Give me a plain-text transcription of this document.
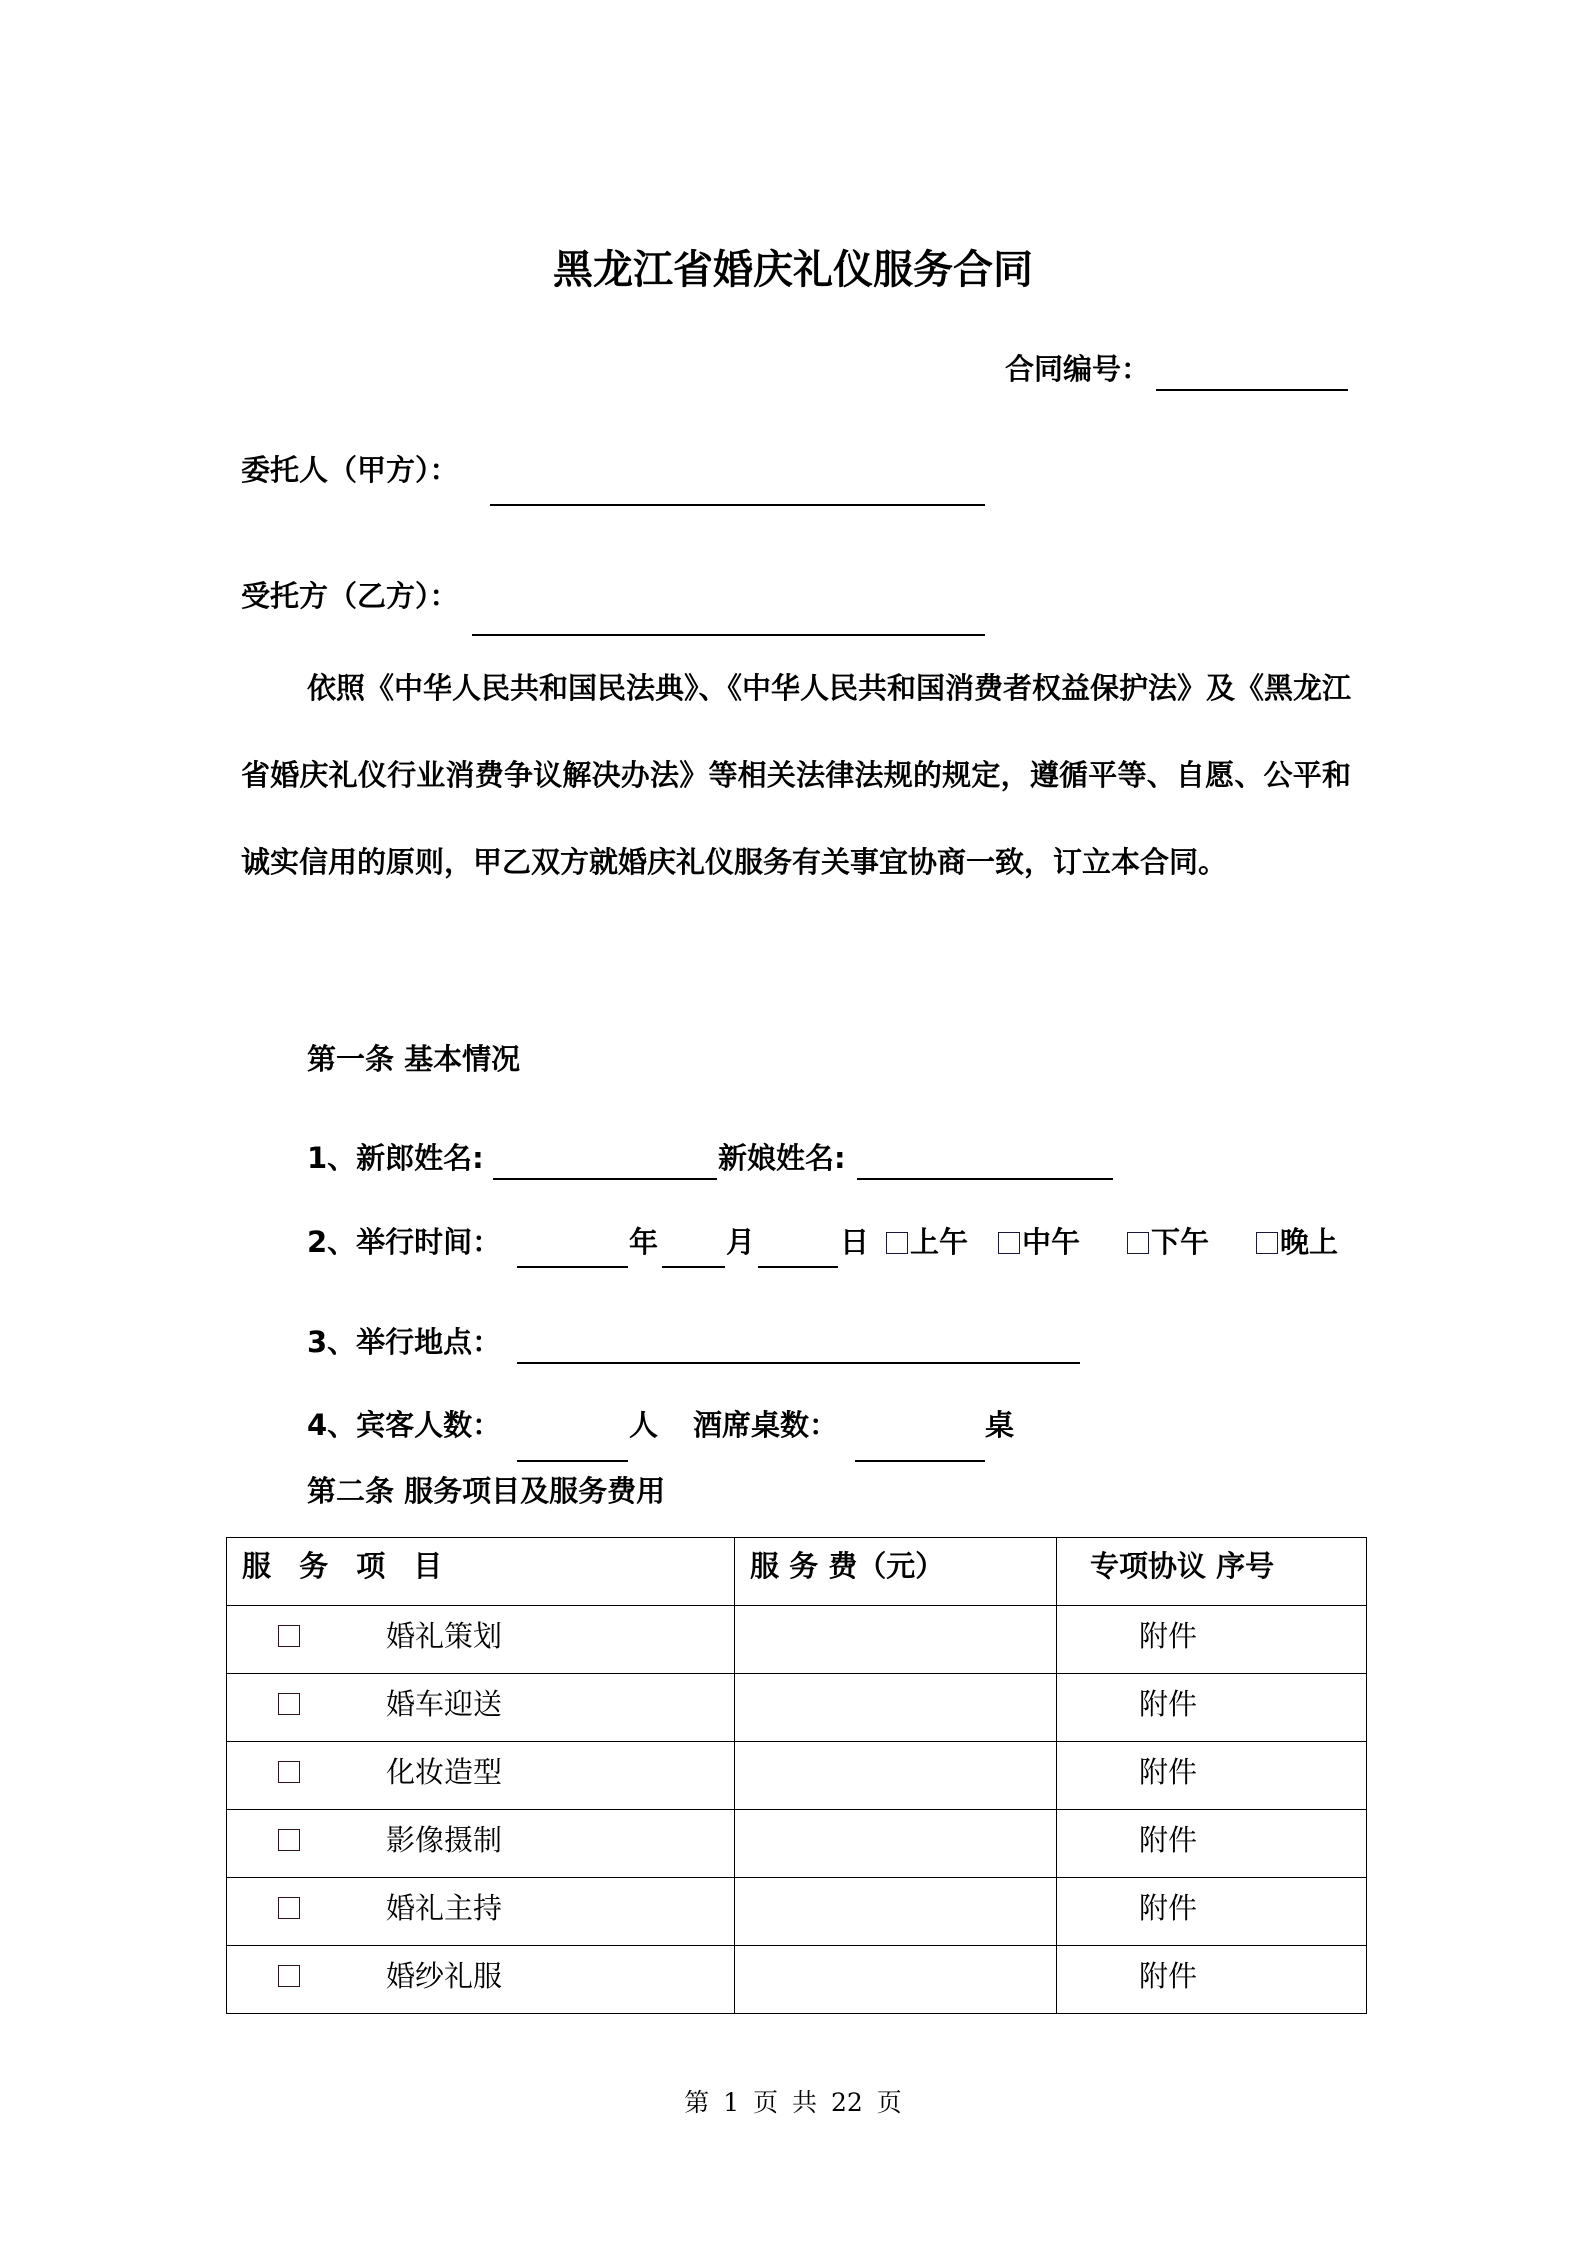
黑龙江省婚庆礼仪服务合同
合同编号：
委托人（甲方）：
受托方（乙方）：
依照《中华人民共和国民法典》、《中华人民共和国消费者权益保护法》及《黑龙江省婚庆礼仪行业消费争议解决办法》等相关法律法规的规定，遵循平等、自愿、公平和诚实信用的原则，甲乙双方就婚庆礼仪服务有关事宜协商一致，订立本合同。
第一条 基本情况
1、新郎姓名:	新娘姓名:
2、举行时间：	年 月	日	上午	中午	下午	晚上
3、举行地点：
4、宾客人数：	人 酒席桌数：	桌
第二条 服务项目及服务费用
服 务 项 目	服 务 费（元）	专项协议 序号

婚礼策划		附件

婚车迎送		附件

化妆造型		附件

影像摄制		附件

婚礼主持		附件

婚纱礼服		附件
第 1 页 共 22 页
